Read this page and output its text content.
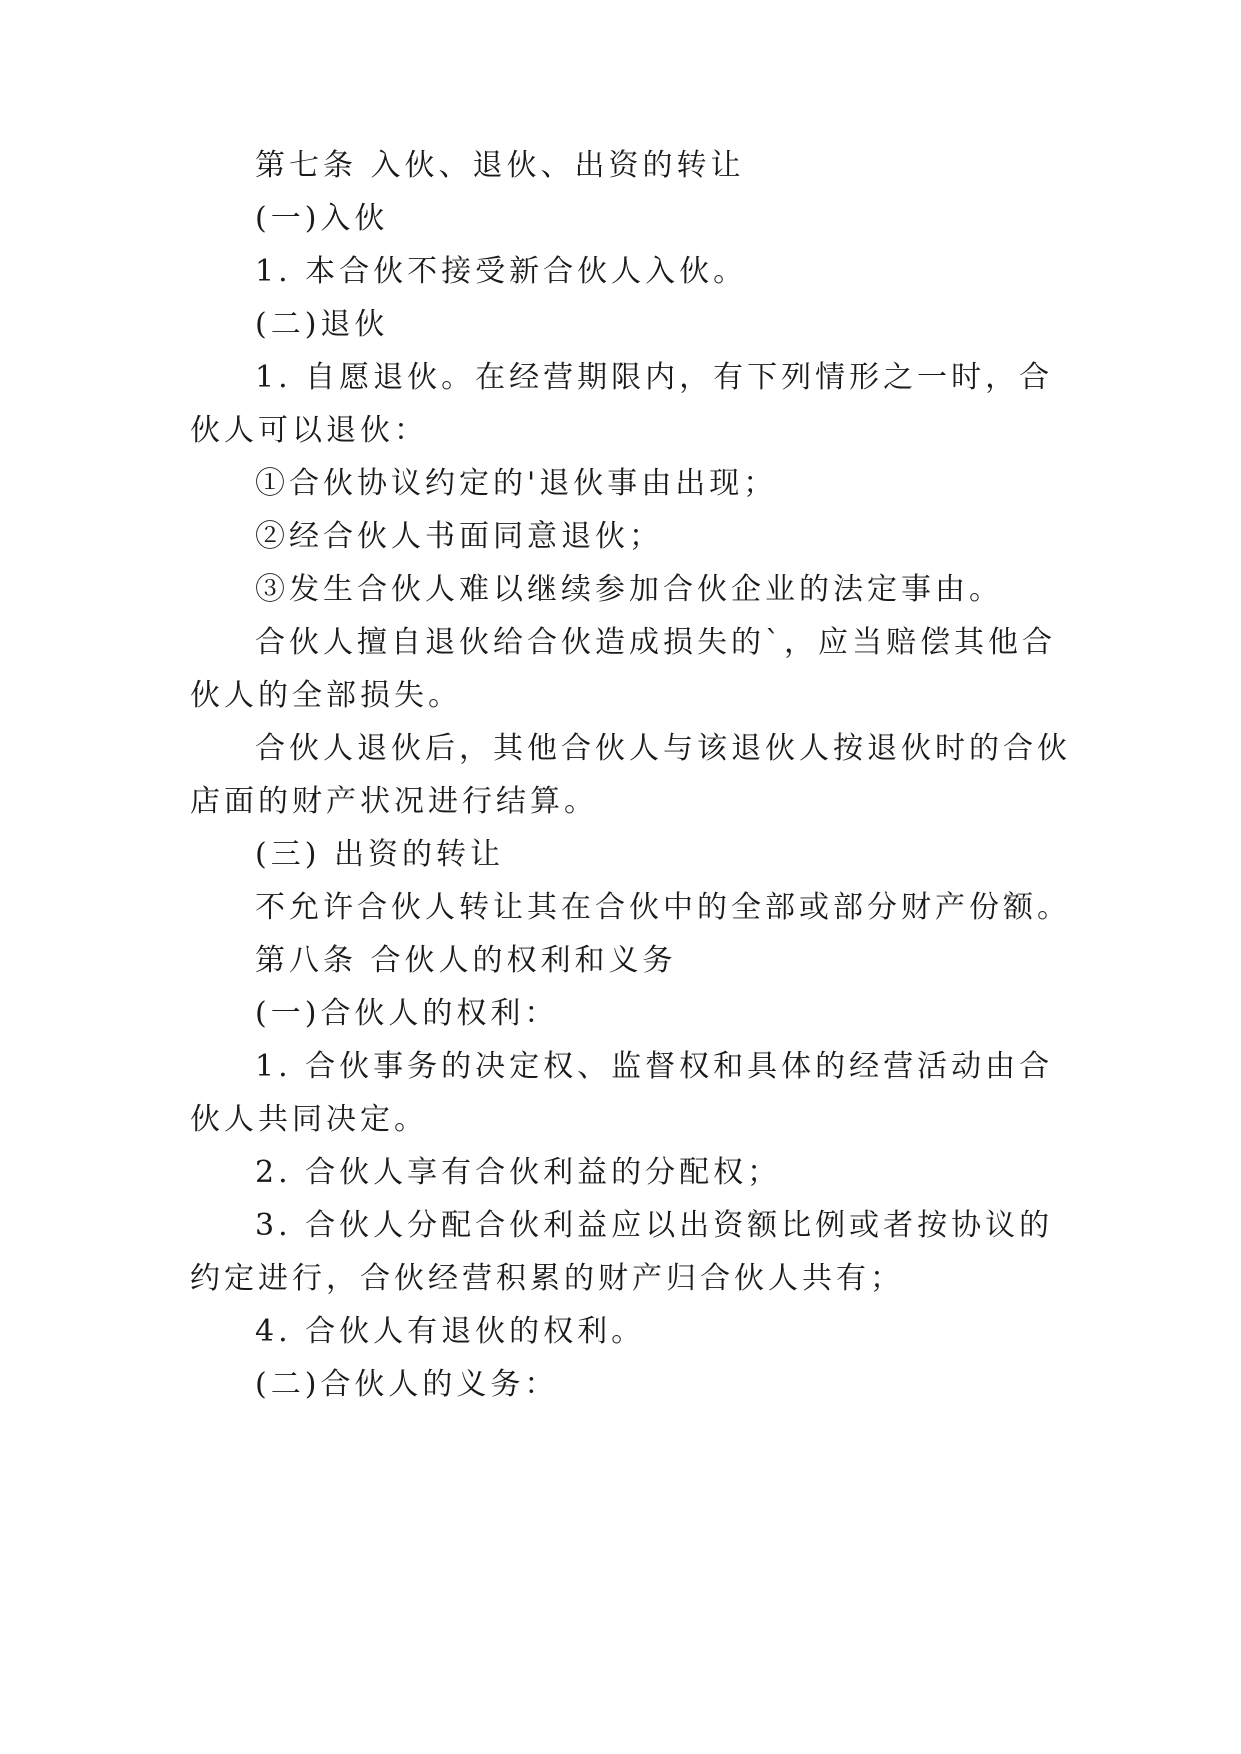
第七条 入伙、退伙、出资的转让
(一)入伙
1. 本合伙不接受新合伙人入伙。
(二)退伙
1. 自愿退伙。在经营期限内，有下列情形之一时，合
伙人可以退伙：
①合伙协议约定的'退伙事由出现；
②经合伙人书面同意退伙；
③发生合伙人难以继续参加合伙企业的法定事由。
合伙人擅自退伙给合伙造成损失的`，应当赔偿其他合
伙人的全部损失。
合伙人退伙后，其他合伙人与该退伙人按退伙时的合伙
店面的财产状况进行结算。
(三) 出资的转让
不允许合伙人转让其在合伙中的全部或部分财产份额。
第八条 合伙人的权利和义务
(一)合伙人的权利：
1. 合伙事务的决定权、监督权和具体的经营活动由合
伙人共同决定。
2. 合伙人享有合伙利益的分配权；
3. 合伙人分配合伙利益应以出资额比例或者按协议的
约定进行，合伙经营积累的财产归合伙人共有；
4. 合伙人有退伙的权利。
(二)合伙人的义务：
